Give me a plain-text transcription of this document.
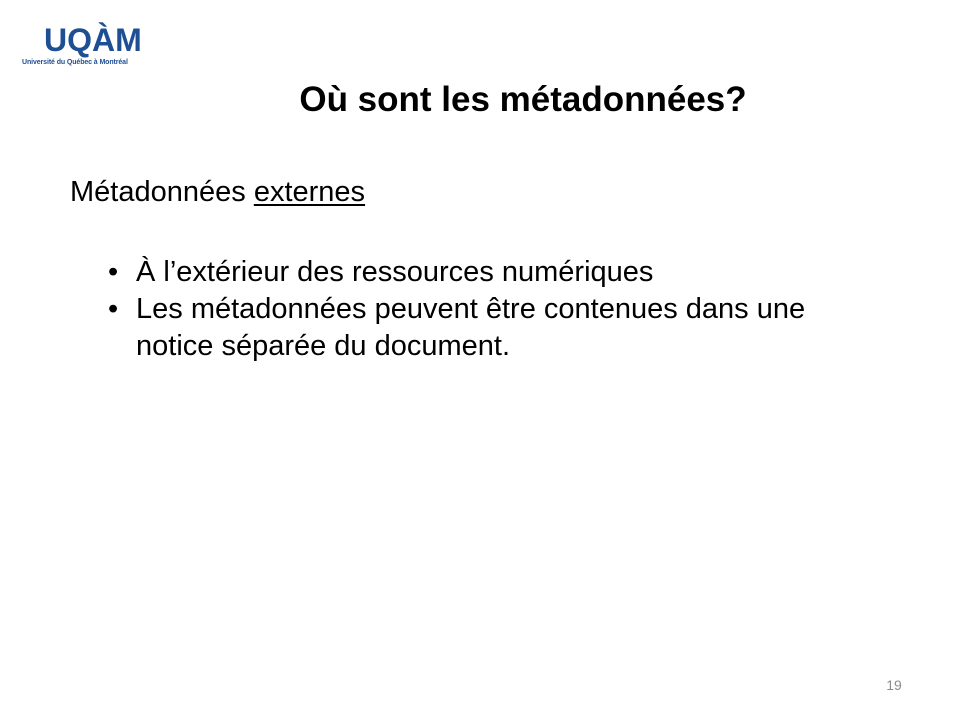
UQÀM
Université du Québec à Montréal
Où sont les métadonnées?

Métadonnées externes

• À l’extérieur des ressources numériques
• Les métadonnées peuvent être contenues dans une notice séparée du document.
19
